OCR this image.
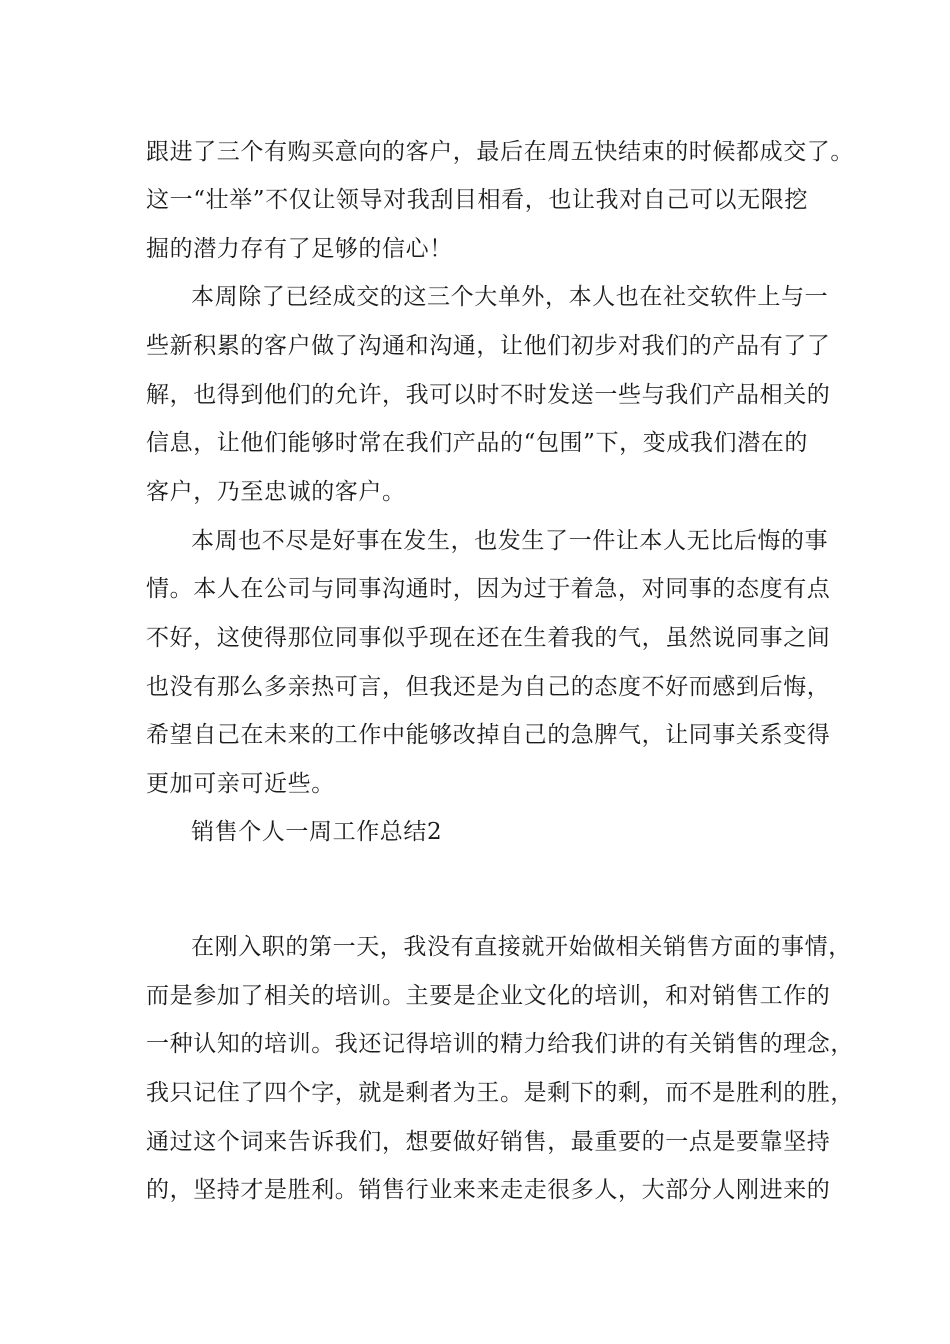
跟进了三个有购买意向的客户，最后在周五快结束的时候都成交了。
这一“壮举”不仅让领导对我刮目相看，也让我对自己可以无限挖
掘的潜力存有了足够的信心！
本周除了已经成交的这三个大单外，本人也在社交软件上与一
些新积累的客户做了沟通和沟通，让他们初步对我们的产品有了了
解，也得到他们的允许，我可以时不时发送一些与我们产品相关的
信息，让他们能够时常在我们产品的“包围”下，变成我们潜在的
客户，乃至忠诚的客户。
本周也不尽是好事在发生，也发生了一件让本人无比后悔的事
情。本人在公司与同事沟通时，因为过于着急，对同事的态度有点
不好，这使得那位同事似乎现在还在生着我的气，虽然说同事之间
也没有那么多亲热可言，但我还是为自己的态度不好而感到后悔，
希望自己在未来的工作中能够改掉自己的急脾气，让同事关系变得
更加可亲可近些。
销售个人一周工作总结2
在刚入职的第一天，我没有直接就开始做相关销售方面的事情，
而是参加了相关的培训。主要是企业文化的培训，和对销售工作的
一种认知的培训。我还记得培训的精力给我们讲的有关销售的理念，
我只记住了四个字，就是剩者为王。是剩下的剩，而不是胜利的胜，
通过这个词来告诉我们，想要做好销售，最重要的一点是要靠坚持
的，坚持才是胜利。销售行业来来走走很多人，大部分人刚进来的
